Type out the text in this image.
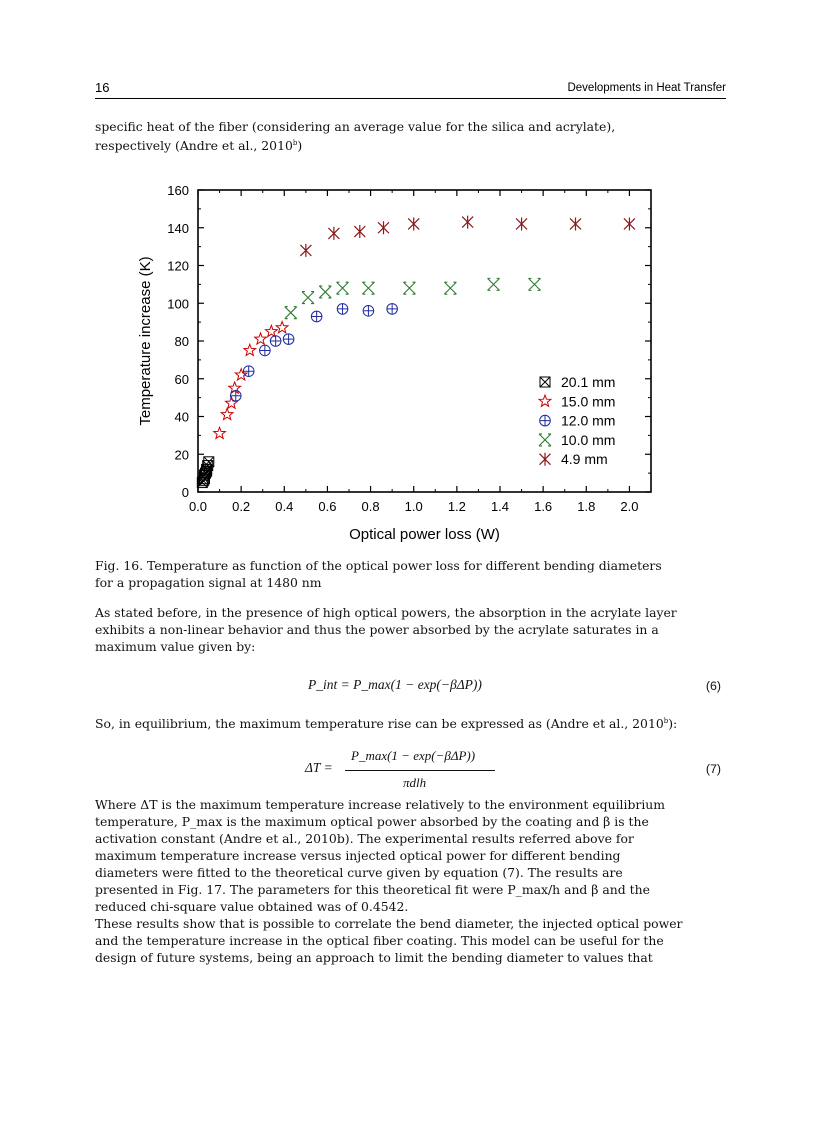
16	Developments in Heat Transfer

specific heat of the fiber (considering an average value for the silica and acrylate),

respectively (Andre et al., 2010$^b$)

0.0 0.2 0.4 0.6 0.8 1.0 1.2 1.4 1.6 1.8 2.0
0
20
40
60
80
100
120
140
160
Optical power loss (W)
Temperature increase (K)	20.1 mm
15.0 mm
12.0 mm
10.0 mm
4.9 mm

Fig. 16. Temperature as function of the optical power loss for different bending diameters

for a propagation signal at 1480 nm

As stated before, in the presence of high optical powers, the absorption in the acrylate layer

exhibits a non-linear behavior and thus the power absorbed by the acrylate saturates in a

maximum value given by:

P_int = P_max(1 − exp(−βΔP))	(6)

So, in equilibrium, the maximum temperature rise can be expressed as (Andre et al., 2010$^b$):

ΔT =
P_max(1 − exp(−βΔP))
πdlh
(7)

Where ΔT is the maximum temperature increase relatively to the environment equilibrium

temperature, P_max is the maximum optical power absorbed by the coating and β is the

activation constant (Andre et al., 2010b). The experimental results referred above for

maximum temperature increase versus injected optical power for different bending

diameters were fitted to the theoretical curve given by equation (7). The results are

presented in Fig. 17. The parameters for this theoretical fit were P_max/h and β and the

reduced chi-square value obtained was of 0.4542.

These results show that is possible to correlate the bend diameter, the injected optical power

and the temperature increase in the optical fiber coating. This model can be useful for the

design of future systems, being an approach to limit the bending diameter to values that
